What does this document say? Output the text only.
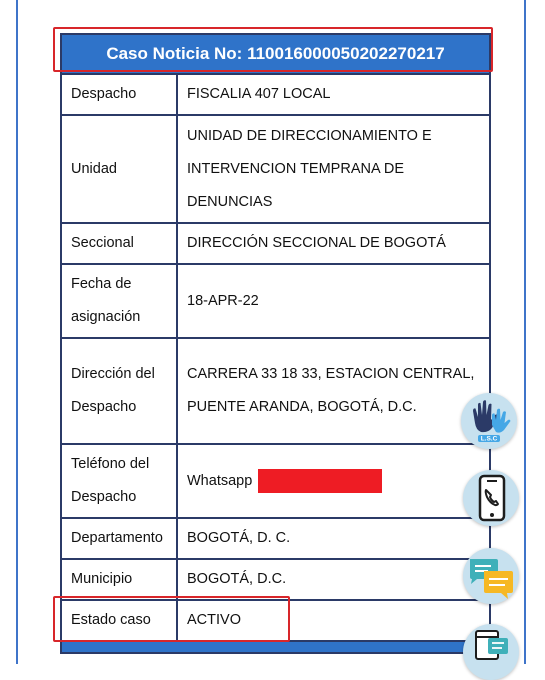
Caso Noticia No: 110016000050202270217	
Despacho	FISCALIA 407 LOCAL
Unidad	UNIDAD DE DIRECCIONAMIENTO E INTERVENCION TEMPRANA DE DENUNCIAS
Seccional	DIRECCIÓN SECCIONAL DE BOGOTÁ
Fecha de asignación	18-APR-22
Dirección del Despacho	CARRERA 33 18 33, ESTACION CENTRAL, PUENTE ARANDA, BOGOTÁ, D.C.
Teléfono del Despacho	Whatsapp
Departamento	BOGOTÁ, D. C.
Municipio	BOGOTÁ, D.C.
Estado caso	ACTIVO

L.S.C
